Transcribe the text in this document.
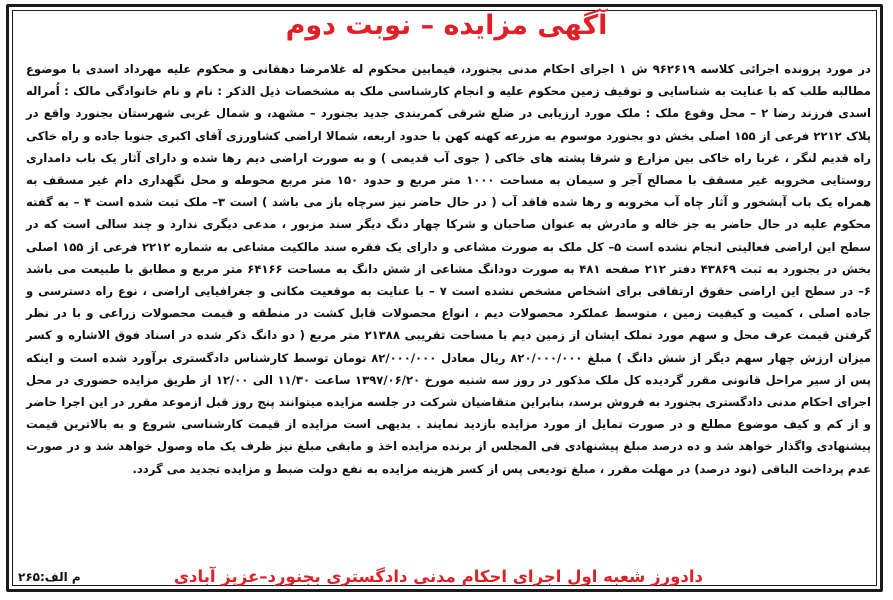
آگهی مزایده – نوبت دوم

در مورد پرونده اجرائی کلاسه ۹۶۲۶۱۹ ش ۱ اجرای احکام مدنی بجنورد، فیمابین محکوم له غلامرضا دهقانی و محکوم علیه مهرداد اسدی با موضوع مطالبه طلب که با عنایت به شناسایی و توقیف زمین محکوم علیه و انجام کارشناسی ملک به مشخصات ذیل الذکر : نام و نام خانوادگی مالک : اُمراله اسدی فرزند رضا ۲ – محل وقوع ملک : ملک مورد ارزیابی در ضلع شرقی کمربندی جدید بجنورد – مشهد، و شمال غربی شهرستان بجنورد واقع در پلاک ۲۲۱۲ فرعی از ۱۵۵ اصلی بخش دو بجنورد موسوم به مزرعه کهنه کهن با حدود اربعه، شمالا اراضی کشاورزی آقای اکبری جنوبا جاده و راه خاکی راه قدیم لنگر ، غربا راه خاکی بین مزارع و شرقا پشته های خاکی ( جوی آب قدیمی ) و به صورت اراضی دیم رها شده و دارای آثار یک باب دامداری روستایی مخروبه غیر مسقف با مصالح آجر و سیمان به مساحت ۱۰۰۰ متر مربع و حدود ۱۵۰ متر مربع محوطه و محل نگهداری دام غیر مسقف به همراه یک باب آبشخور و آثار چاه آب مخروبه و رها شده فاقد آب ( در حال حاضر نیز سرچاه باز می باشد ) است ۳– ملک ثبت شده است ۴ – به گفته محکوم علیه در حال حاضر به جز خاله و مادرش به عنوان صاحبان و شرکا چهار دنگ دیگر سند مزبور ، مدعی دیگری ندارد و چند سالی است که در سطح این اراضی فعالیتی انجام نشده است ۵– کل ملک به صورت مشاعی و دارای یک فقره سند مالکیت مشاعی به شماره ۲۲۱۲ فرعی از ۱۵۵ اصلی بخش در بجنورد به ثبت ۴۳۸۶۹ دفتر ۲۱۲ صفحه ۴۸۱ به صورت دودانگ مشاعی از شش دانگ به مساحت ۶۴۱۶۶ متر مربع و مطابق با طبیعت می باشد ۶– در سطح این اراضی حقوق ارتفاقی برای اشخاص مشخص نشده است ۷ – با عنایت به موقعیت مکانی و جغرافیایی اراضی ، نوع راه دسترسی و جاده اصلی ، کمیت و کیفیت زمین ، متوسط عملکرد محصولات دیم ، انواع محصولات قابل کشت در منطقه و قیمت محصولات زراعی و با در نظر گرفتن قیمت عرف محل و سهم مورد تملک ایشان از زمین دیم با مساحت تقریبی ۲۱۳۸۸ متر مربع ( دو دانگ ذکر شده در اسناد فوق الاشاره و کسر میزان ارزش چهار سهم دیگر از شش دانگ ) مبلغ ۸۲۰/۰۰۰/۰۰۰ ریال معادل ۸۲/۰۰۰/۰۰۰ تومان توسط کارشناس دادگستری برآورد شده است و اینکه پس از سیر مراحل قانونی مقرر گردیده کل ملک مذکور در روز سه شنبه مورخ ۱۳۹۷/۰۶/۲۰ ساعت ۱۱/۳۰ الی ۱۲/۰۰ از طریق مزایده حضوری در محل اجرای احکام مدنی دادگستری بجنورد به فروش برسد، بنابراین متقاضیان شرکت در جلسه مزایده میتوانند پنج روز قبل ازموعد مقرر در این اجرا حاضر و از کم و کیف موضوع مطلع و در صورت تمایل از مورد مزایده بازدید نمایند . بدیهی است مزایده از قیمت کارشناسی شروع و به بالاترین قیمت پیشنهادی واگذار خواهد شد و ده درصد مبلغ پیشنهادی فی المجلس از برنده مزایده اخذ و مابقی مبلغ نیز ظرف یک ماه وصول خواهد شد و در صورت عدم پرداخت الباقی (نود درصد) در مهلت مقرر ، مبلغ تودیعی پس از کسر هزینه مزایده به نفع دولت ضبط و مزایده تجدید می گردد.

دادورز شعبه اول اجرای احکام مدنی دادگستری بجنورد–عزیز آبادی
م الف:۲۶۵
